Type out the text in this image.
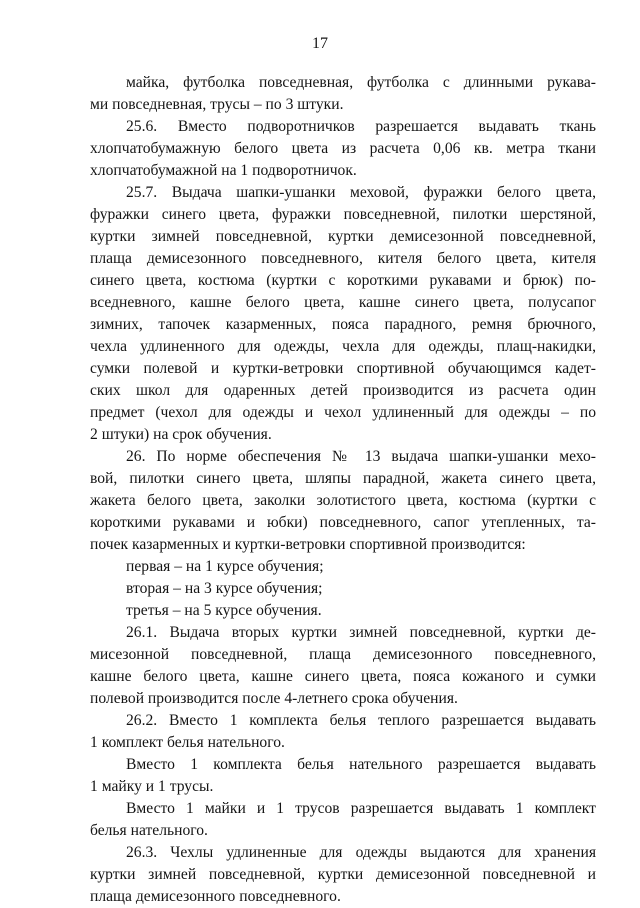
17
майка, футболка повседневная, футболка с длинными рукава-
ми повседневная, трусы – по 3 штуки.
25.6. Вместо подворотничков разрешается выдавать ткань
хлопчатобумажную белого цвета из расчета 0,06 кв. метра ткани
хлопчатобумажной на 1 подворотничок.
25.7. Выдача шапки-ушанки меховой, фуражки белого цвета,
фуражки синего цвета, фуражки повседневной, пилотки шерстяной,
куртки зимней повседневной, куртки демисезонной повседневной,
плаща демисезонного повседневного, кителя белого цвета, кителя
синего цвета, костюма (куртки с короткими рукавами и брюк) по-
вседневного, кашне белого цвета, кашне синего цвета, полусапог
зимних, тапочек казарменных, пояса парадного, ремня брючного,
чехла удлиненного для одежды, чехла для одежды, плащ-накидки,
сумки полевой и куртки-ветровки спортивной обучающимся кадет-
ских школ для одаренных детей производится из расчета один
предмет (чехол для одежды и чехол удлиненный для одежды – по
2 штуки) на срок обучения.
26. По норме обеспечения № 13 выдача шапки-ушанки мехо-
вой, пилотки синего цвета, шляпы парадной, жакета синего цвета,
жакета белого цвета, заколки золотистого цвета, костюма (куртки с
короткими рукавами и юбки) повседневного, сапог утепленных, та-
почек казарменных и куртки-ветровки спортивной производится:
первая – на 1 курсе обучения;
вторая – на 3 курсе обучения;
третья – на 5 курсе обучения.
26.1. Выдача вторых куртки зимней повседневной, куртки де-
мисезонной повседневной, плаща демисезонного повседневного,
кашне белого цвета, кашне синего цвета, пояса кожаного и сумки
полевой производится после 4-летнего срока обучения.
26.2. Вместо 1 комплекта белья теплого разрешается выдавать
1 комплект белья нательного.
Вместо 1 комплекта белья нательного разрешается выдавать
1 майку и 1 трусы.
Вместо 1 майки и 1 трусов разрешается выдавать 1 комплект
белья нательного.
26.3. Чехлы удлиненные для одежды выдаются для хранения
куртки зимней повседневной, куртки демисезонной повседневной и
плаща демисезонного повседневного.
